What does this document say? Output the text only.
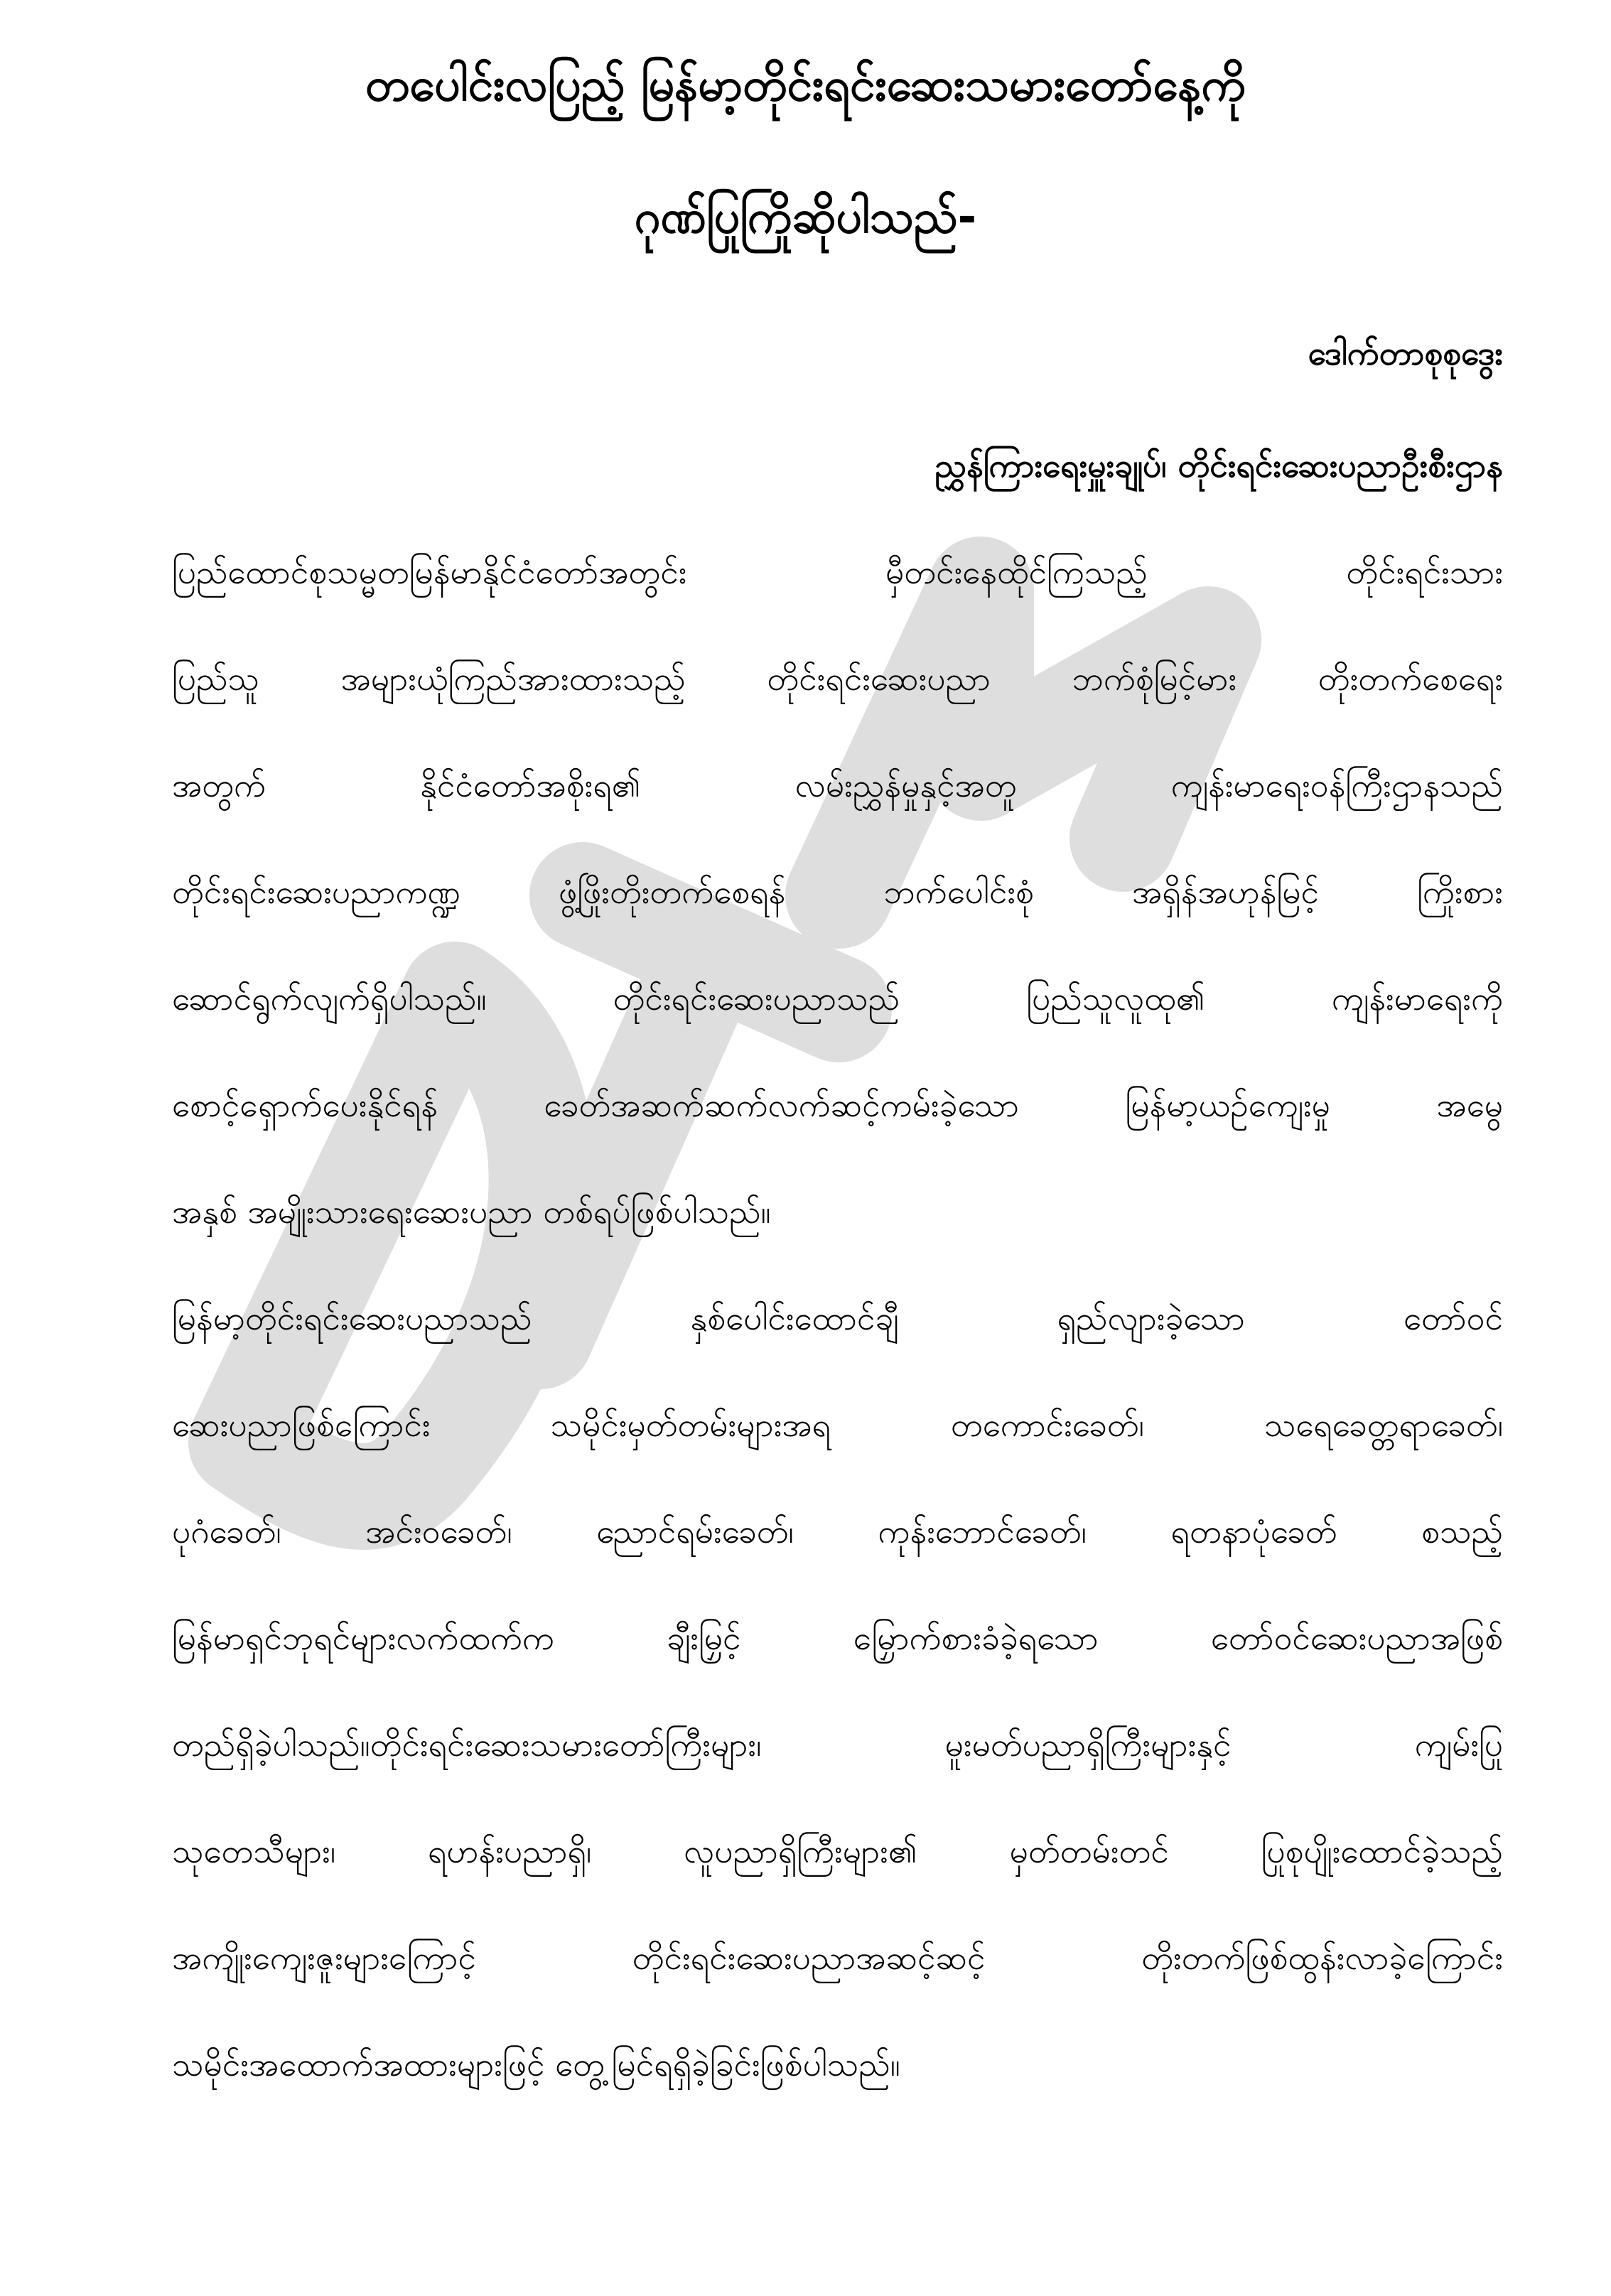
တပေါင်းလပြည့် မြန်မာ့တိုင်းရင်းဆေးသမားတော်နေ့ကို
ဂုဏ်ပြုကြိုဆိုပါသည်-
ဒေါက်တာစုစုဒွေး
ညွှန်ကြားရေးမှူးချုပ်၊ တိုင်းရင်းဆေးပညာဦးစီးဌာန
ပြည်ထောင်စုသမ္မတမြန်မာနိုင်ငံတော်အတွင်း မှီတင်းနေထိုင်ကြသည့် တိုင်းရင်းသား
ပြည်သူ အများယုံကြည်အားထားသည့် တိုင်းရင်းဆေးပညာ ဘက်စုံမြင့်မား တိုးတက်စေရေး
အတွက် နိုင်ငံတော်အစိုးရ၏ လမ်းညွှန်မှုနှင့်အတူ ကျန်းမာရေးဝန်ကြီးဌာနသည်
တိုင်းရင်းဆေးပညာကဏ္ဍ ဖွံ့ဖြိုးတိုးတက်စေရန် ဘက်ပေါင်းစုံ အရှိန်အဟုန်မြင့် ကြိုးစား
ဆောင်ရွက်လျက်ရှိပါသည်။ တိုင်းရင်းဆေးပညာသည် ပြည်သူလူထု၏ ကျန်းမာရေးကို
စောင့်ရှောက်ပေးနိုင်ရန် ခေတ်အဆက်ဆက်လက်ဆင့်ကမ်းခဲ့သော မြန်မာ့ယဉ်ကျေးမှု အမွေ
အနှစ် အမျိုးသားရေးဆေးပညာ တစ်ရပ်ဖြစ်ပါသည်။
မြန်မာ့တိုင်းရင်းဆေးပညာသည် နှစ်ပေါင်းထောင်ချီ ရှည်လျားခဲ့သော တော်ဝင်
ဆေးပညာဖြစ်ကြောင်း သမိုင်းမှတ်တမ်းများအရ တကောင်းခေတ်၊ သရေခေတ္တရာခေတ်၊
ပုဂံခေတ်၊ အင်းဝခေတ်၊ ညောင်ရမ်းခေတ်၊ ကုန်းဘောင်ခေတ်၊ ရတနာပုံခေတ် စသည့်
မြန်မာရှင်ဘုရင်များလက်ထက်က ချီးမြှင့် မြှောက်စားခံခဲ့ရသော တော်ဝင်ဆေးပညာအဖြစ်
တည်ရှိခဲ့ပါသည်။တိုင်းရင်းဆေးသမားတော်ကြီးများ၊ မူးမတ်ပညာရှိကြီးများနှင့် ကျမ်းပြု
သုတေသီများ၊ ရဟန်းပညာရှိ၊ လူပညာရှိကြီးများ၏ မှတ်တမ်းတင် ပြုစုပျိုးထောင်ခဲ့သည့်
အကျိုးကျေးဇူးများကြောင့် တိုင်းရင်းဆေးပညာအဆင့်ဆင့် တိုးတက်ဖြစ်ထွန်းလာခဲ့ကြောင်း
သမိုင်းအထောက်အထားများဖြင့် တွေ့မြင်ရရှိခဲ့ခြင်းဖြစ်ပါသည်။
